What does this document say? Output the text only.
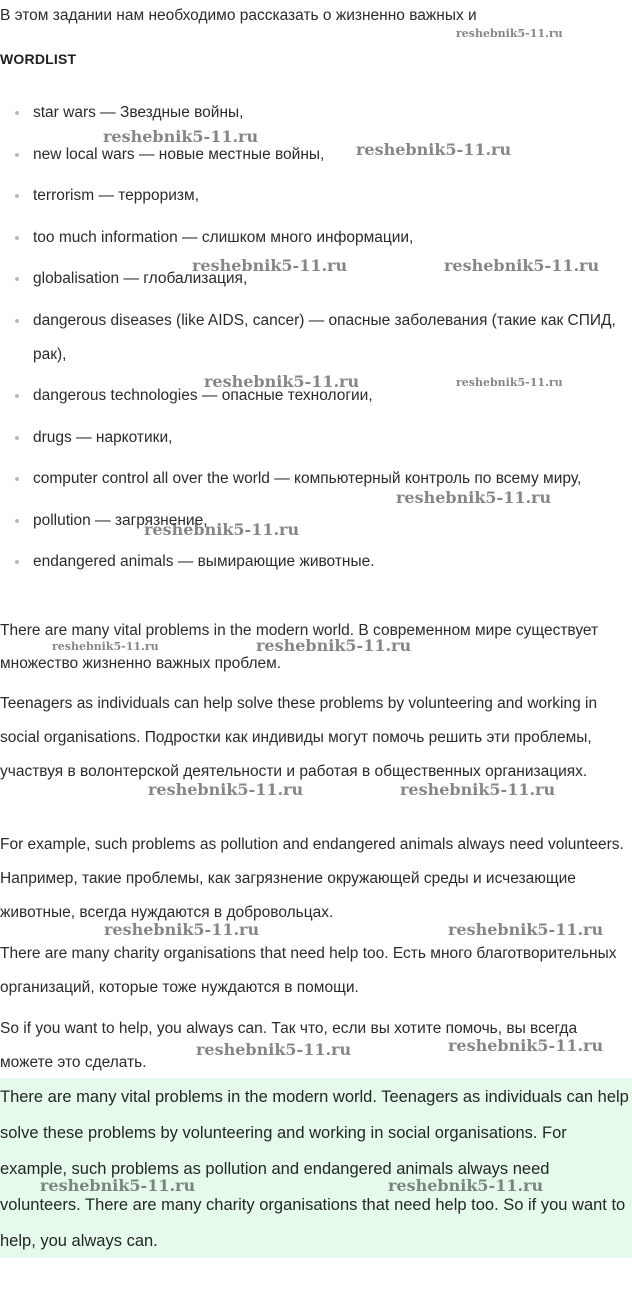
В этом задании нам необходимо рассказать о жизненно важных и
WORDLIST
star wars — Звездные войны,
new local wars — новые местные войны,
terrorism — терроризм,
too much information — слишком много информации,
globalisation — глобализация,
dangerous diseases (like AIDS, cancer) — опасные заболевания (такие как СПИД, рак),
dangerous technologies — опасные технологии,
drugs — наркотики,
computer control all over the world — компьютерный контроль по всему миру,
pollution — загрязнение,
endangered animals — вымирающие животные.
There are many vital problems in the modern world. В современном мире существует множество жизненно важных проблем.
Teenagers as individuals can help solve these problems by volunteering and working in social organisations. Подростки как индивиды могут помочь решить эти проблемы, участвуя в волонтерской деятельности и работая в общественных организациях.
For example, such problems as pollution and endangered animals always need volunteers. Например, такие проблемы, как загрязнение окружающей среды и исчезающие животные, всегда нуждаются в добровольцах.
There are many charity organisations that need help too. Есть много благотворительных организаций, которые тоже нуждаются в помощи.
So if you want to help, you always can. Так что, если вы хотите помочь, вы всегда можете это сделать.
There are many vital problems in the modern world. Teenagers as individuals can help solve these problems by volunteering and working in social organisations. For example, such problems as pollution and endangered animals always need volunteers. There are many charity organisations that need help too. So if you want to help, you always can.
reshebnik5-11.ru
reshebnik5-11.ru
reshebnik5-11.ru
reshebnik5-11.ru	reshebnik5-11.ru
reshebnik5-11.ru	reshebnik5-11.ru
reshebnik5-11.ru
reshebnik5-11.ru
reshebnik5-11.ru	reshebnik5-11.ru
reshebnik5-11.ru	reshebnik5-11.ru
reshebnik5-11.ru	reshebnik5-11.ru
reshebnik5-11.ru	reshebnik5-11.ru
reshebnik5-11.ru	reshebnik5-11.ru
